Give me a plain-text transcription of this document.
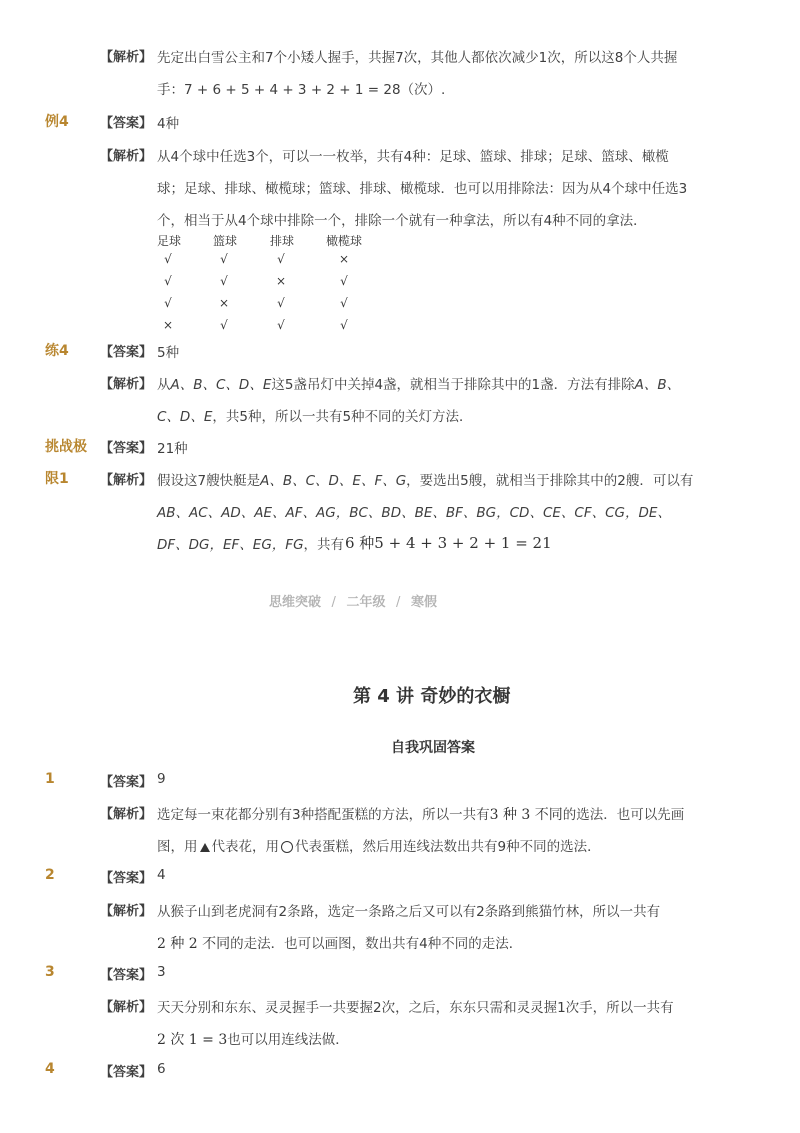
【解析】 先定出白雪公主和7个小矮人握手，共握7次，其他人都依次减少1次，所以这8个人共握
手：7 + 6 + 5 + 4 + 3 + 2 + 1 = 28（次）.
例4 【答案】 4种
【解析】 从4个球中任选3个，可以一一枚举，共有4种：足球、篮球、排球；足球、篮球、橄榄
球；足球、排球、橄榄球；篮球、排球、橄榄球．也可以用排除法：因为从4个球中任选3
个，相当于从4个球中排除一个，排除一个就有一种拿法，所以有4种不同的拿法．
足球	篮球	排球	橄榄球
√	√	√	×
√	√	×	√
√	×	√	√
×	√	√	√
练4 【答案】 5种
【解析】 从A、B、C、D、E这5盏吊灯中关掉4盏，就相当于排除其中的1盏．方法有排除A、B、
C、D、E，共5种，所以一共有5种不同的关灯方法．
挑战极 【答案】 21种
限1 【解析】 假设这7艘快艇是A、B、C、D、E、F、G，要选出5艘，就相当于排除其中的2艘．可以有
AB、AC、AD、AE、AF、AG，BC、BD、BE、BF、BG，CD、CE、CF、CG，DE、
DF、DG，EF、EG，FG，共有 6 种5 + 4 + 3 + 2 + 1 = 21
思维突破 / 二年级 / 寒假
第 4 讲 奇妙的衣橱
自我巩固答案
1	【答案】 9
【解析】 选定每一束花都分别有3种搭配蛋糕的方法，所以一共有3 种 3 不同的选法．也可以先画
图，用 代表花，用 代表蛋糕，然后用连线法数出共有9种不同的选法．
2	【答案】 4
【解析】 从猴子山到老虎洞有2条路，选定一条路之后又可以有2条路到熊猫竹林，所以一共有
2 种 2 不同的走法．也可以画图，数出共有4种不同的走法．
3	【答案】 3
【解析】 天天分别和东东、灵灵握手一共要握2次，之后，东东只需和灵灵握1次手，所以一共有
2 次 1 = 3也可以用连线法做．
4	【答案】 6
